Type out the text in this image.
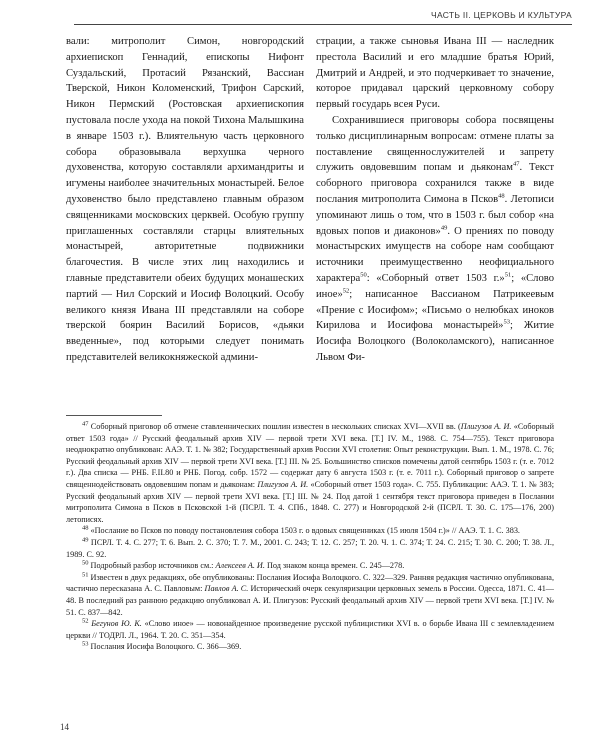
ЧАСТЬ II. ЦЕРКОВЬ И КУЛЬТУРА

вали: митрополит Симон, новгородский архиепископ Геннадий, епископы Нифонт Суздальский, Протасий Рязанский, Вассиан Тверской, Никон Коломенский, Трифон Сарский, Никон Пермский (Ростовская архиепископия пустовала после ухода на покой Тихона Малышкина в январе 1503 г.). Влиятельную часть церковного собора образовывала верхушка черного духовенства, которую составляли архимандриты и игумены наиболее значительных монастырей. Белое духовенство было представлено главным образом священниками московских церквей. Особую группу приглашенных составляли старцы влиятельных монастырей, авторитетные подвижники благочестия. В числе этих лиц находились и главные представители обеих будущих монашеских партий — Нил Сорский и Иосиф Волоцкий. Особу великого князя Ивана III представляли на соборе тверской боярин Василий Борисов, «дьяки введенные», под которыми следует понимать представителей великокняжеской админи-

страции, а также сыновья Ивана III — наследник престола Василий и его младшие братья Юрий, Дмитрий и Андрей, и это подчеркивает то значение, которое придавал царский церковному собору первый государь всея Руси.

Сохранившиеся приговоры собора посвящены только дисциплинарным вопросам: отмене платы за поставление священнослужителей и запрету служить овдовевшим попам и дьяконам$^{47}$. Текст соборного приговора сохранился также в виде послания митрополита Симона в Псков$^{48}$. Летописи упоминают лишь о том, что в 1503 г. был собор «на вдовых попов и диаконов»$^{49}$. О прениях по поводу монастырских имуществ на соборе нам сообщают источники преимущественно неофициального характера$^{50}$: «Соборный ответ 1503 г.»$^{51}$; «Слово иное»$^{52}$; написанное Вассианом Патрикеевым «Прение с Иосифом»; «Письмо о нелюбках иноков Кирилова и Иосифова монастырей»$^{53}$; Житие Иосифа Волоцкого (Волоколамского), написанное Львом Фи-

$^{47}$ Соборный приговор об отмене ставленнических пошлин известен в нескольких списках XVI—XVII вв. (Плигузов А. И. «Соборный ответ 1503 года» // Русский феодальный архив XIV — первой трети XVI века. [Т.] IV. М., 1988. С. 754—755). Текст приговора неоднократно опубликован: ААЭ. Т. 1. № 382; Государственный архив России XVI столетия: Опыт реконструкции. Вып. 1. М., 1978. С. 76; Русский феодальный архив XIV — первой трети XVI века. [Т.] III. № 25. Большинство списков помечены датой сентябрь 1503 г. (т. е. 7012 г.). Два списка — РНБ. F.II.80 и РНБ. Погод. собр. 1572 — содержат дату 6 августа 1503 г. (т. е. 7011 г.). Соборный приговор о запрете священнодействовать овдовевшим попам и дьяконам: Плигузов А. И. «Соборный ответ 1503 года». С. 755. Публикации: ААЭ. Т. 1. № 383; Русский феодальный архив XIV — первой трети XVI века. [Т.] III. № 24. Под датой 1 сентября текст приговора приведен в Послании митрополита Симона в Псков в Псковской 1-й (ПСРЛ. Т. 4. СПб., 1848. С. 277) и Новгородской 2-й (ПСРЛ. Т. 30. С. 175—176, 200) летописях.

$^{48}$ «Послание во Псков по поводу постановления собора 1503 г. о вдовых священниках (15 июля 1504 г.)» // ААЭ. Т. 1. С. 383.

$^{49}$ ПСРЛ. Т. 4. С. 277; Т. 6. Вып. 2. С. 370; Т. 7. М., 2001. С. 243; Т. 12. С. 257; Т. 20. Ч. 1. С. 374; Т. 24. С. 215; Т. 30. С. 200; Т. 38. Л., 1989. С. 92.

$^{50}$ Подробный разбор источников см.: Алексеев А. И. Под знаком конца времен. С. 245—278.

$^{51}$ Известен в двух редакциях, обе опубликованы: Послания Иосифа Волоцкого. С. 322—329. Ранняя редакция частично опубликована, частично пересказана А. С. Павловым: Павлов А. С. Исторический очерк секуляризации церковных земель в России. Одесса, 1871. С. 41—48. В последний раз раннюю редакцию опубликовал А. И. Плигузов: Русский феодальный архив XIV — первой трети XVI века. [Т.] IV. № 51. С. 837—842.

$^{52}$ Бегунов Ю. К. «Слово иное» — новонайденное произведение русской публицистики XVI в. о борьбе Ивана III с землевладением церкви // ТОДРЛ. Л., 1964. Т. 20. С. 351—354.

$^{53}$ Послания Иосифа Волоцкого. С. 366—369.

14
